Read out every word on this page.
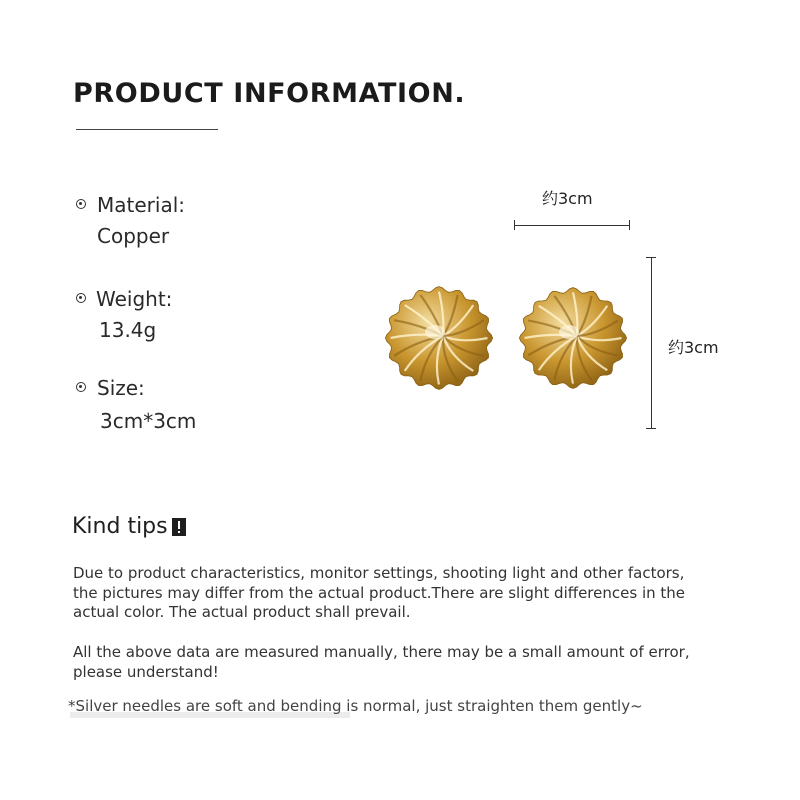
PRODUCT INFORMATION.
Material:
Copper
Weight:
13.4g
Size:
3cm*3cm
约3cm
约3cm
Kind tips
Due to product characteristics, monitor settings, shooting light and other factors, the pictures may differ from the actual product.There are slight differences in the actual color. The actual product shall prevail.
All the above data are measured manually, there may be a small amount of error, please understand!
*Silver needles are soft and bending is normal, just straighten them gently~
